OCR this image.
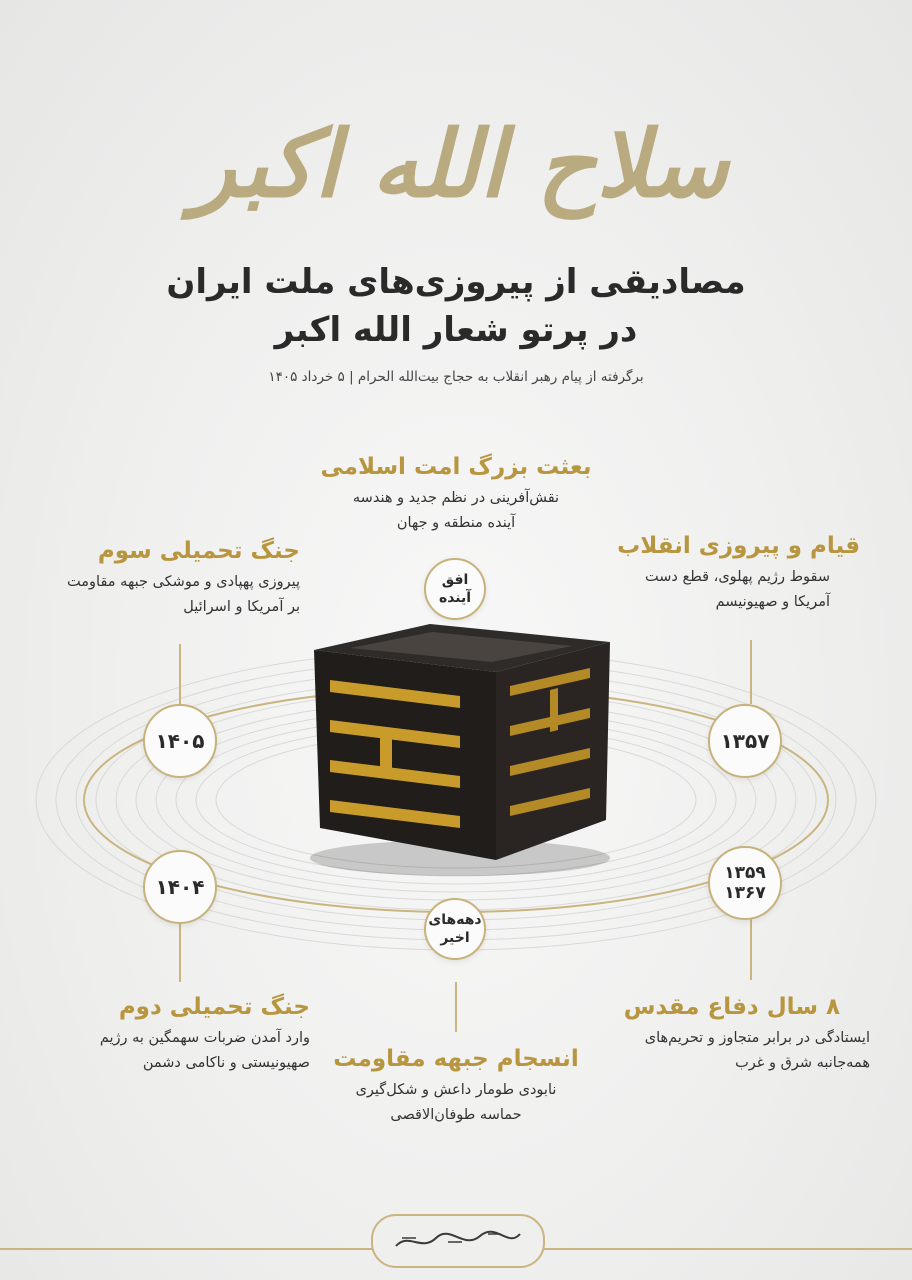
سلاح الله اکبر
مصادیقی از پیروزی‌های ملت ایران
در پرتو شعار الله اکبر
برگرفته از پیام رهبر انقلاب به حجاج بیت‌الله الحرام | ۵ خرداد ۱۴۰۵
افق
آینده
دهه‌های
اخیر
بعثت بزرگ امت اسلامی
نقش‌آفرینی در نظم جدید و هندسه
آینده منطقه و جهان
قیام و پیروزی انقلاب
سقوط رژیم پهلوی، قطع دست
آمریکا و صهیونیسم
جنگ تحمیلی سوم
پیروزی پهپادی و موشکی جبهه مقاومت
بر آمریکا و اسرائیل
۱۳۵۷
۱۳۵۹
۱۳۶۷
۱۴۰۵
۱۴۰۴
۸ سال دفاع مقدس
ایستادگی در برابر متجاوز و تحریم‌های
همه‌جانبه شرق و غرب
جنگ تحمیلی دوم
وارد آمدن ضربات سهمگین به رژیم
صهیونیستی و ناکامی دشمن	انسجام جبهه مقاومت
نابودی طومار داعش و شکل‌گیری
حماسه طوفان‌الاقصی
